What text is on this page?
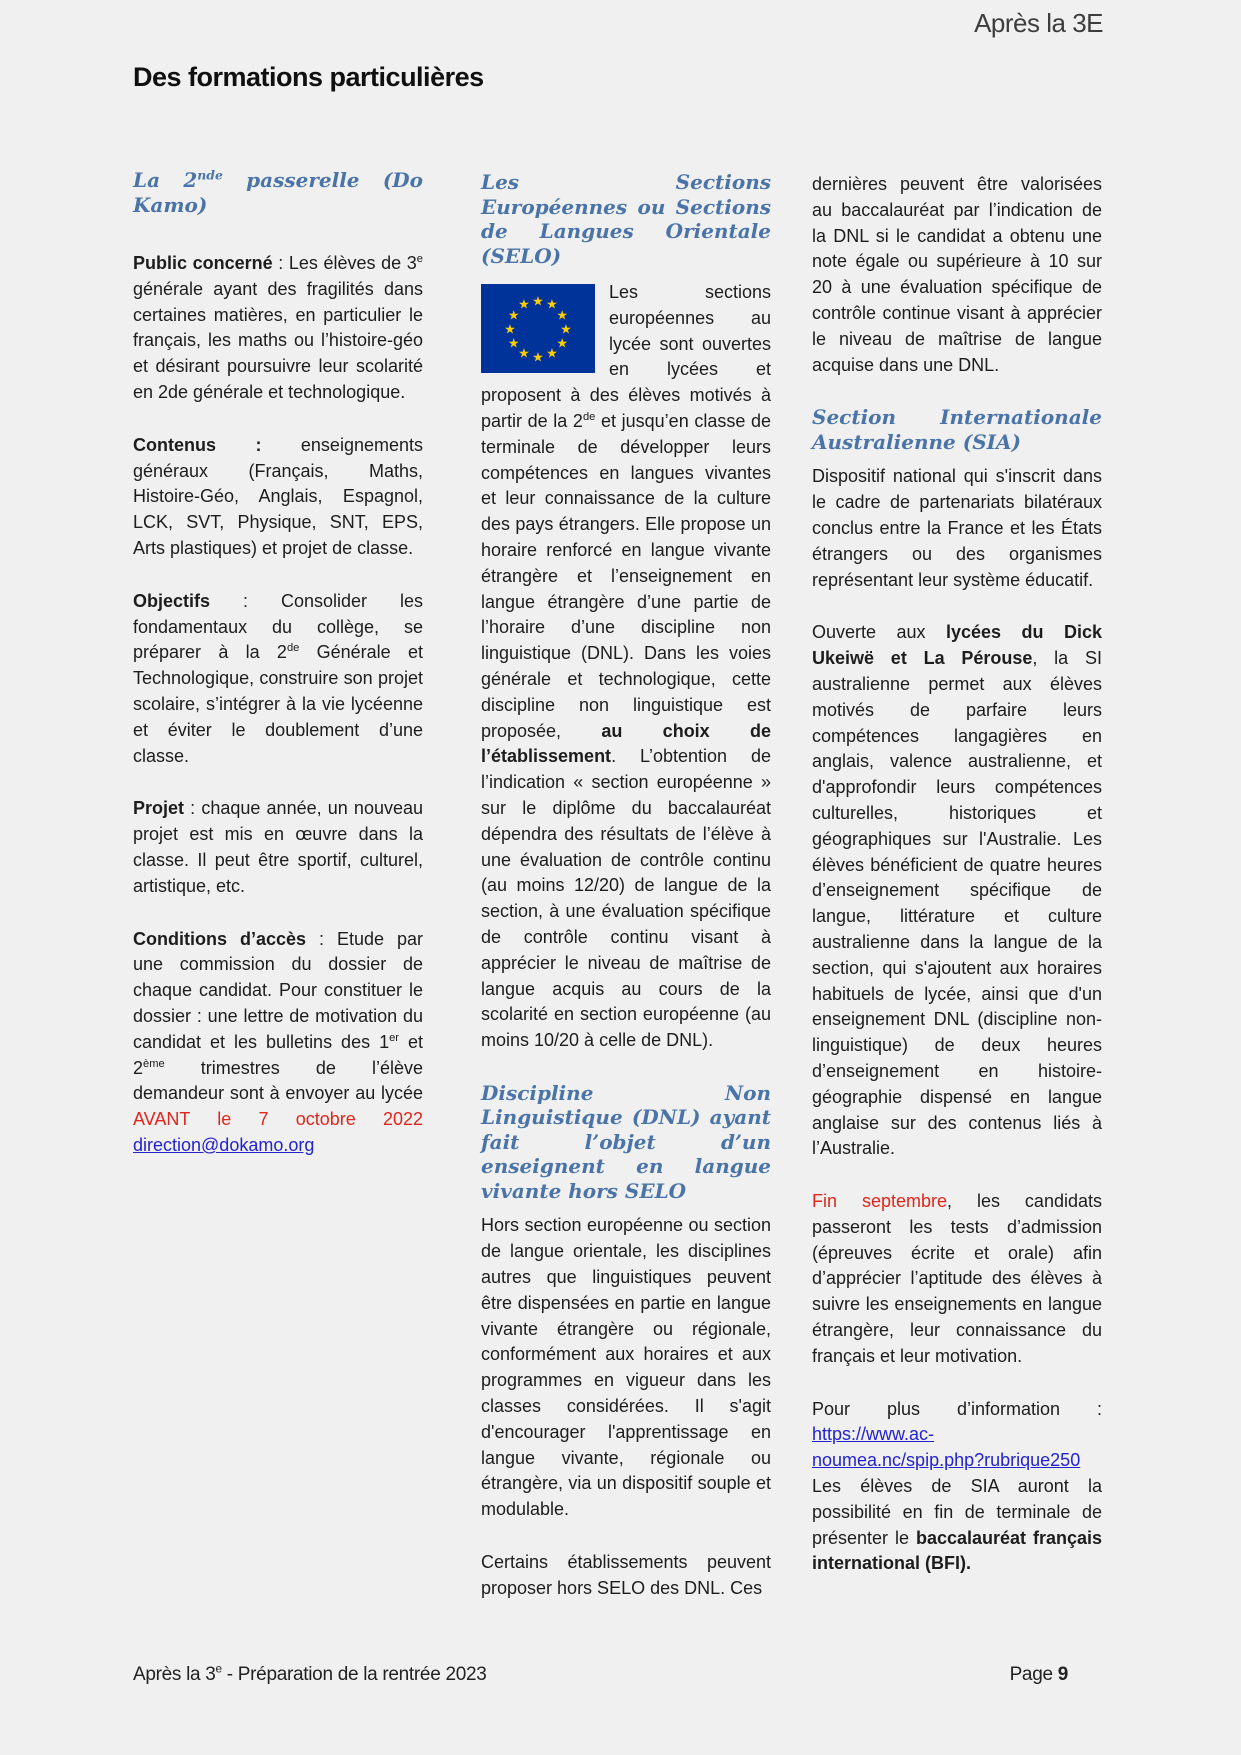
Après la 3E
Des formations particulières
La 2nde passerelle (Do Kamo)

Public concerné : Les élèves de 3e générale ayant des fragilités dans certaines matières, en particulier le français, les maths ou l’histoire-géo et désirant poursuivre leur scolarité en 2de générale et technologique.

Contenus : enseignements généraux (Français, Maths, Histoire-Géo, Anglais, Espagnol, LCK, SVT, Physique, SNT, EPS, Arts plastiques) et projet de classe.

Objectifs : Consolider les fondamentaux du collège, se préparer à la 2de Générale et Technologique, construire son projet scolaire, s’intégrer à la vie lycéenne et éviter le doublement d’une classe.

Projet : chaque année, un nouveau projet est mis en œuvre dans la classe. Il peut être sportif, culturel, artistique, etc.

Conditions d’accès : Etude par une commission du dossier de chaque candidat. Pour constituer le dossier : une lettre de motivation du candidat et les bulletins des 1er et 2ème trimestres de l’élève demandeur sont à envoyer au lycée AVANT le 7 octobre 2022 direction@dokamo.org

Les Sections Européennes ou Sections de Langues Orientale (SELO)

★ ★
★
★
★
★
★
★
★
★
★
★
Les sections européennes au lycée sont ouvertes en lycées et proposent à des élèves motivés à partir de la 2de et jusqu’en classe de terminale de développer leurs compétences en langues vivantes et leur connaissance de la culture des pays étrangers. Elle propose un horaire renforcé en langue vivante étrangère et l’enseignement en langue étrangère d’une partie de l’horaire d’une discipline non linguistique (DNL). Dans les voies générale et technologique, cette discipline non linguistique est proposée, au choix de l’établissement. L’obtention de l’indication « section européenne » sur le diplôme du baccalauréat dépendra des résultats de l’élève à une évaluation de contrôle continu (au moins 12/20) de langue de la section, à une évaluation spécifique de contrôle continu visant à apprécier le niveau de maîtrise de langue acquis au cours de la scolarité en section européenne (au moins 10/20 à celle de DNL).

Discipline Non Linguistique (DNL) ayant fait l’objet d’un enseignent en langue vivante hors SELO

Hors section européenne ou section de langue orientale, les disciplines autres que linguistiques peuvent être dispensées en partie en langue vivante étrangère ou régionale, conformément aux horaires et aux programmes en vigueur dans les classes considérées. Il s'agit d'encourager l'apprentissage en langue vivante, régionale ou étrangère, via un dispositif souple et modulable.

Certains établissements peuvent proposer hors SELO des DNL. Ces

dernières peuvent être valorisées au baccalauréat par l’indication de la DNL si le candidat a obtenu une note égale ou supérieure à 10 sur 20 à une évaluation spécifique de contrôle continue visant à apprécier le niveau de maîtrise de langue acquise dans une DNL.

Section Internationale Australienne (SIA)

Dispositif national qui s'inscrit dans le cadre de partenariats bilatéraux conclus entre la France et les États étrangers ou des organismes représentant leur système éducatif.

Ouverte aux lycées du Dick Ukeiwë et La Pérouse, la SI australienne permet aux élèves motivés de parfaire leurs compétences langagières en anglais, valence australienne, et d'approfondir leurs compétences culturelles, historiques et géographiques sur l'Australie. Les élèves bénéficient de quatre heures d’enseignement spécifique de langue, littérature et culture australienne dans la langue de la section, qui s'ajoutent aux horaires habituels de lycée, ainsi que d'un enseignement DNL (discipline non-linguistique) de deux heures d’enseignement en histoire-géographie dispensé en langue anglaise sur des contenus liés à l’Australie.

Fin septembre, les candidats passeront les tests d’admission (épreuves écrite et orale) afin d’apprécier l’aptitude des élèves à suivre les enseignements en langue étrangère, leur connaissance du français et leur motivation.

Pour plus d’information :https://www.ac-noumea.nc/spip.php?rubrique250 Les élèves de SIA auront la possibilité en fin de terminale de présenter le baccalauréat français international (BFI).

Après la 3e - Préparation de la rentrée 2023	Page 9
